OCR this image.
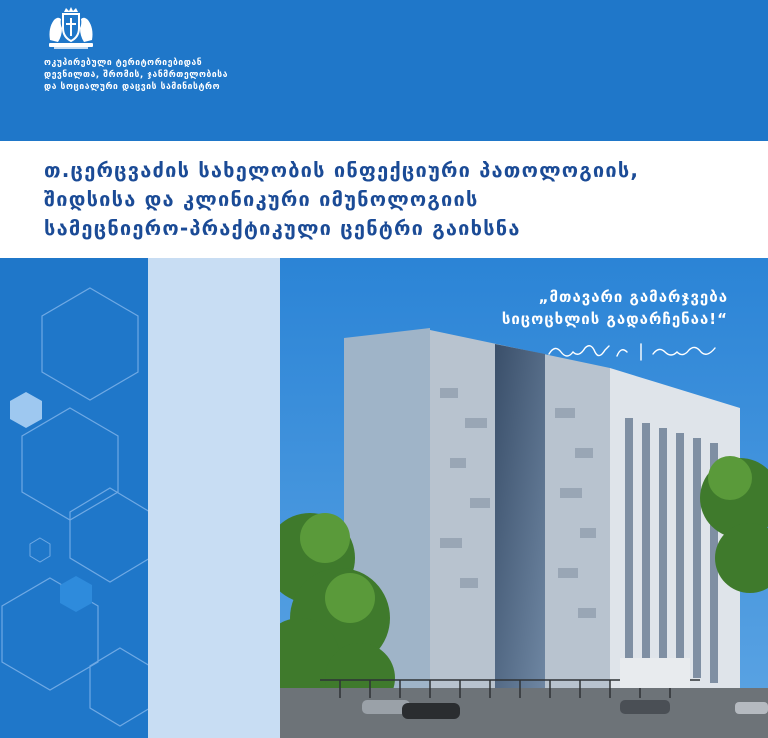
ოკუპირებული ტერიტორიებიდან
დევნილთა, შრომის, ჯანმრთელობისა
და სოციალური დაცვის სამინისტრო
თ.ცერცვაძის სახელობის ინფექციური პათოლოგიის,
შიდსისა და კლინიკური იმუნოლოგიის
სამეცნიერო-პრაქტიკული ცენტრი გაიხსნა
„მთავარი გამარჯვება
სიცოცხლის გადარჩენაა!“
